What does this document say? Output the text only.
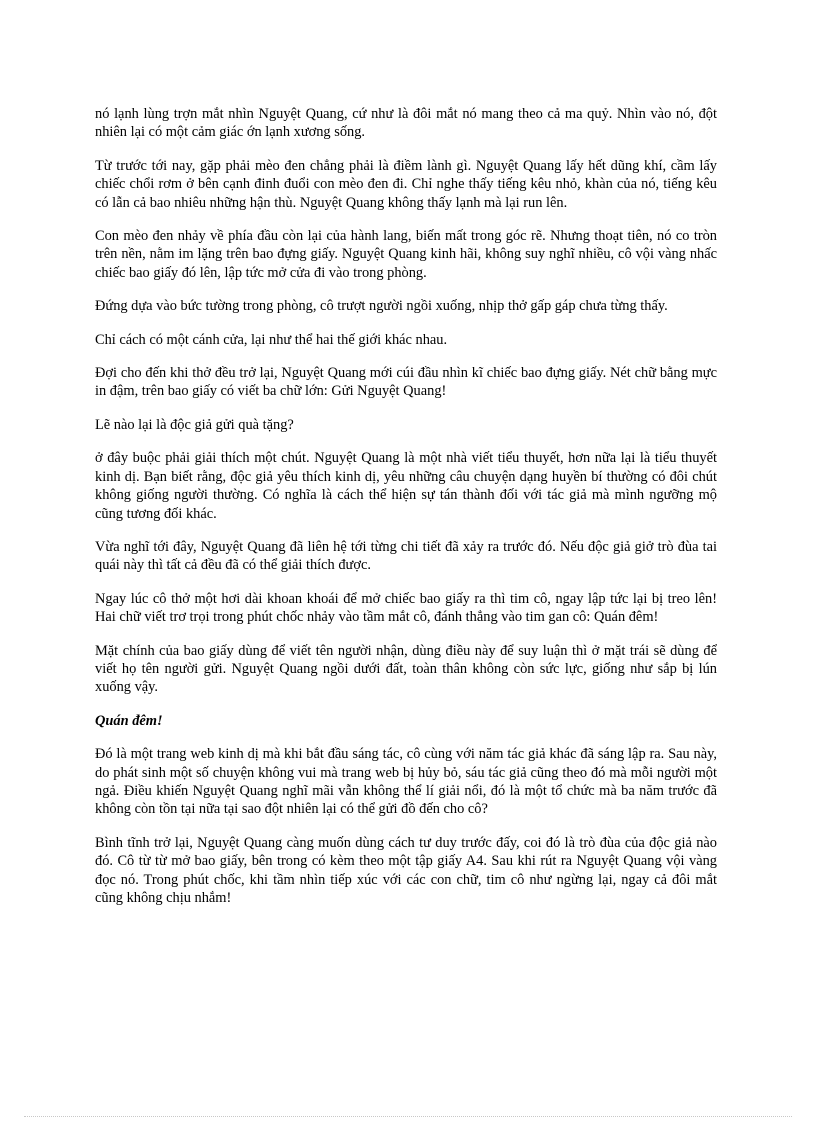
nó lạnh lùng trợn mắt nhìn Nguyệt Quang, cứ như là đôi mắt nó mang theo cả ma quỷ. Nhìn vào nó, đột nhiên lại có một cảm giác ớn lạnh xương sống.

Từ trước tới nay, gặp phải mèo đen chẳng phải là điềm lành gì. Nguyệt Quang lấy hết dũng khí, cầm lấy chiếc chổi rơm ở bên cạnh đinh đuổi con mèo đen đi. Chỉ nghe thấy tiếng kêu nhỏ, khàn của nó, tiếng kêu có lẫn cả bao nhiêu những hận thù. Nguyệt Quang không thấy lạnh mà lại run lên.

Con mèo đen nhảy về phía đầu còn lại của hành lang, biến mất trong góc rẽ. Nhưng thoạt tiên, nó co tròn trên nền, nằm im lặng trên bao đựng giấy. Nguyệt Quang kinh hãi, không suy nghĩ nhiều, cô vội vàng nhấc chiếc bao giấy đó lên, lập tức mở cửa đi vào trong phòng.

Đứng dựa vào bức tường trong phòng, cô trượt người ngồi xuống, nhịp thở gấp gáp chưa từng thấy.

Chỉ cách có một cánh cửa, lại như thể hai thế giới khác nhau.

Đợi cho đến khi thở đều trở lại, Nguyệt Quang mới cúi đầu nhìn kĩ chiếc bao đựng giấy. Nét chữ bằng mực in đậm, trên bao giấy có viết ba chữ lớn: Gửi Nguyệt Quang!

Lẽ nào lại là độc giả gửi quà tặng?

ở đây buộc phải giải thích một chút. Nguyệt Quang là một nhà viết tiểu thuyết, hơn nữa lại là tiểu thuyết kinh dị. Bạn biết rằng, độc giả yêu thích kinh dị, yêu những câu chuyện dạng huyền bí thường có đôi chút không giống người thường. Có nghĩa là cách thể hiện sự tán thành đối với tác giả mà mình ngưỡng mộ cũng tương đối khác.

Vừa nghĩ tới đây, Nguyệt Quang đã liên hệ tới từng chi tiết đã xảy ra trước đó. Nếu độc giả giở trò đùa tai quái này thì tất cả đều đã có thể giải thích được.

Ngay lúc cô thở một hơi dài khoan khoái để mở chiếc bao giấy ra thì tim cô, ngay lập tức lại bị treo lên! Hai chữ viết trơ trọi trong phút chốc nhảy vào tầm mắt cô, đánh thẳng vào tim gan cô: Quán đêm!

Mặt chính của bao giấy dùng để viết tên người nhận, dùng điều này để suy luận thì ở mặt trái sẽ dùng để viết họ tên người gửi. Nguyệt Quang ngồi dưới đất, toàn thân không còn sức lực, giống như sắp bị lún xuống vậy.

Quán đêm!

Đó là một trang web kinh dị mà khi bắt đầu sáng tác, cô cùng với năm tác giả khác đã sáng lập ra. Sau này, do phát sinh một số chuyện không vui mà trang web bị hủy bỏ, sáu tác giả cũng theo đó mà mỗi người một ngả. Điều khiến Nguyệt Quang nghĩ mãi vẫn không thể lí giải nổi, đó là một tổ chức mà ba năm trước đã không còn tồn tại nữa tại sao đột nhiên lại có thể gửi đồ đến cho cô?

Bình tĩnh trở lại, Nguyệt Quang càng muốn dùng cách tư duy trước đấy, coi đó là trò đùa của độc giả nào đó. Cô từ từ mở bao giấy, bên trong có kèm theo một tập giấy A4. Sau khi rút ra Nguyệt Quang vội vàng đọc nó. Trong phút chốc, khi tầm nhìn tiếp xúc với các con chữ, tim cô như ngừng lại, ngay cả đôi mắt cũng không chịu nhắm!
